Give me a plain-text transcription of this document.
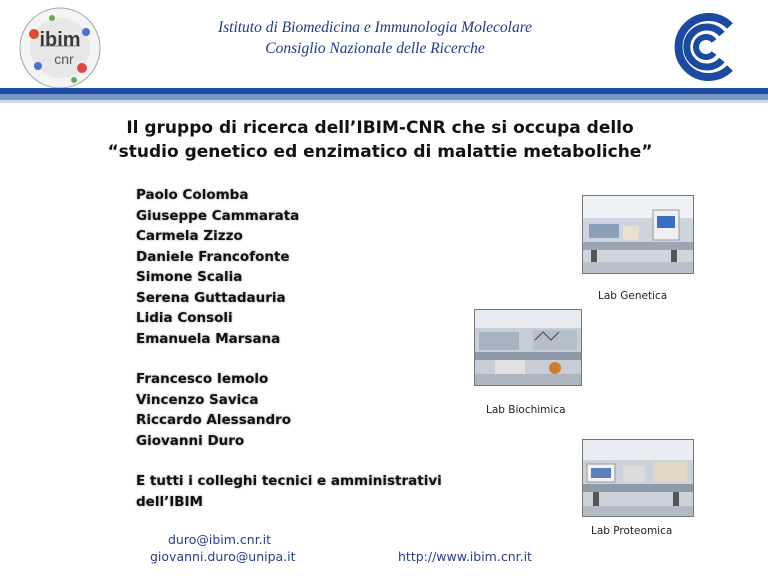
ibim
cnr
Istituto di Biomedicina e Immunologia Molecolare
Consiglio Nazionale delle Ricerche
Il gruppo di ricerca dell’IBIM-CNR che si occupa dello
“studio genetico ed enzimatico di malattie metaboliche”
Paolo Colomba
Giuseppe Cammarata
Carmela Zizzo
Daniele Francofonte
Simone Scalia
Serena Guttadauria
Lidia Consoli
Emanuela Marsana
Francesco Iemolo
Vincenzo Savica
Riccardo Alessandro
Giovanni Duro
E tutti i colleghi tecnici e amministrativi dell’IBIM
Lab Genetica
Lab Biochimica
Lab Proteomica
duro@ibim.cnr.it
giovanni.duro@unipa.it	http://www.ibim.cnr.it
